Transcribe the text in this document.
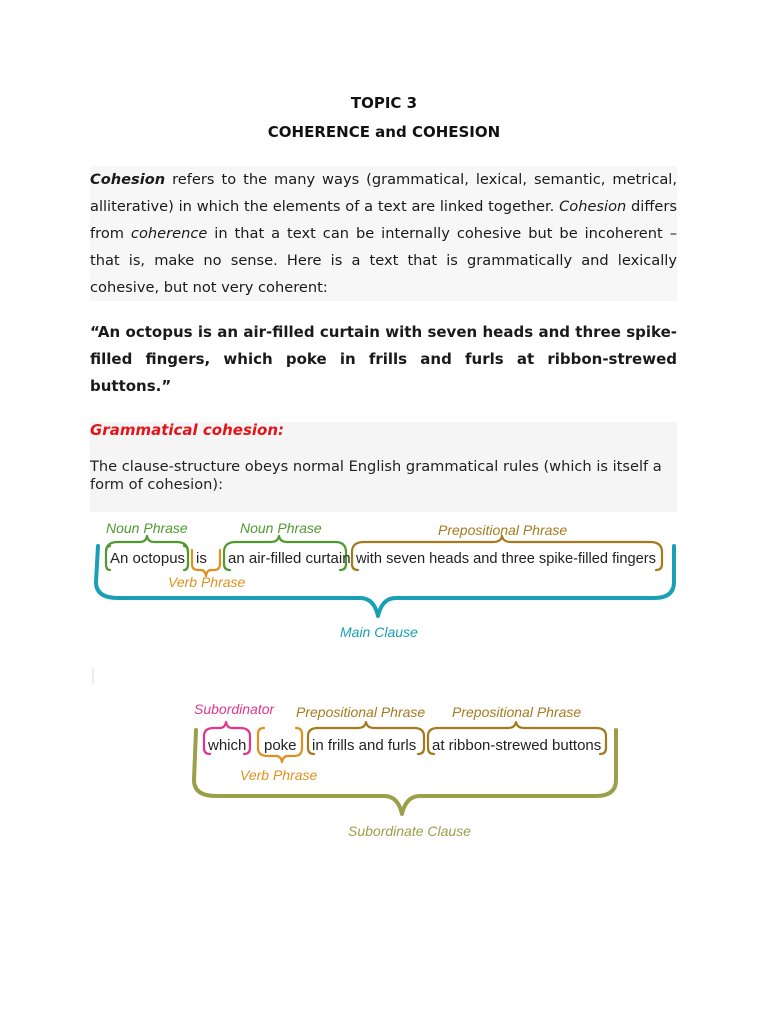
TOPIC 3
COHERENCE and COHESION

Cohesion refers to the many ways (grammatical, lexical, semantic, metrical, alliterative) in which the elements of a text are linked together. Cohesion differs from coherence in that a text can be internally cohesive but be incoherent – that is, make no sense. Here is a text that is grammatically and lexically cohesive, but not very coherent:

“An octopus is an air-filled curtain with seven heads and three spike-filled fingers, which poke in frills and furls at ribbon-strewed buttons.”

Grammatical cohesion:
The clause-structure obeys normal English grammatical rules (which is itself a form of cohesion):
Noun Phrase	Noun Phrase	Prepositional Phrase
An octopus is an air-filled curtain with seven heads and three spike-filled fingers
Verb Phrase
Main Clause
Subordinator Prepositional Phrase Prepositional Phrase
which poke in frills and furls at ribbon-strewed buttons
Verb Phrase
Subordinate Clause
